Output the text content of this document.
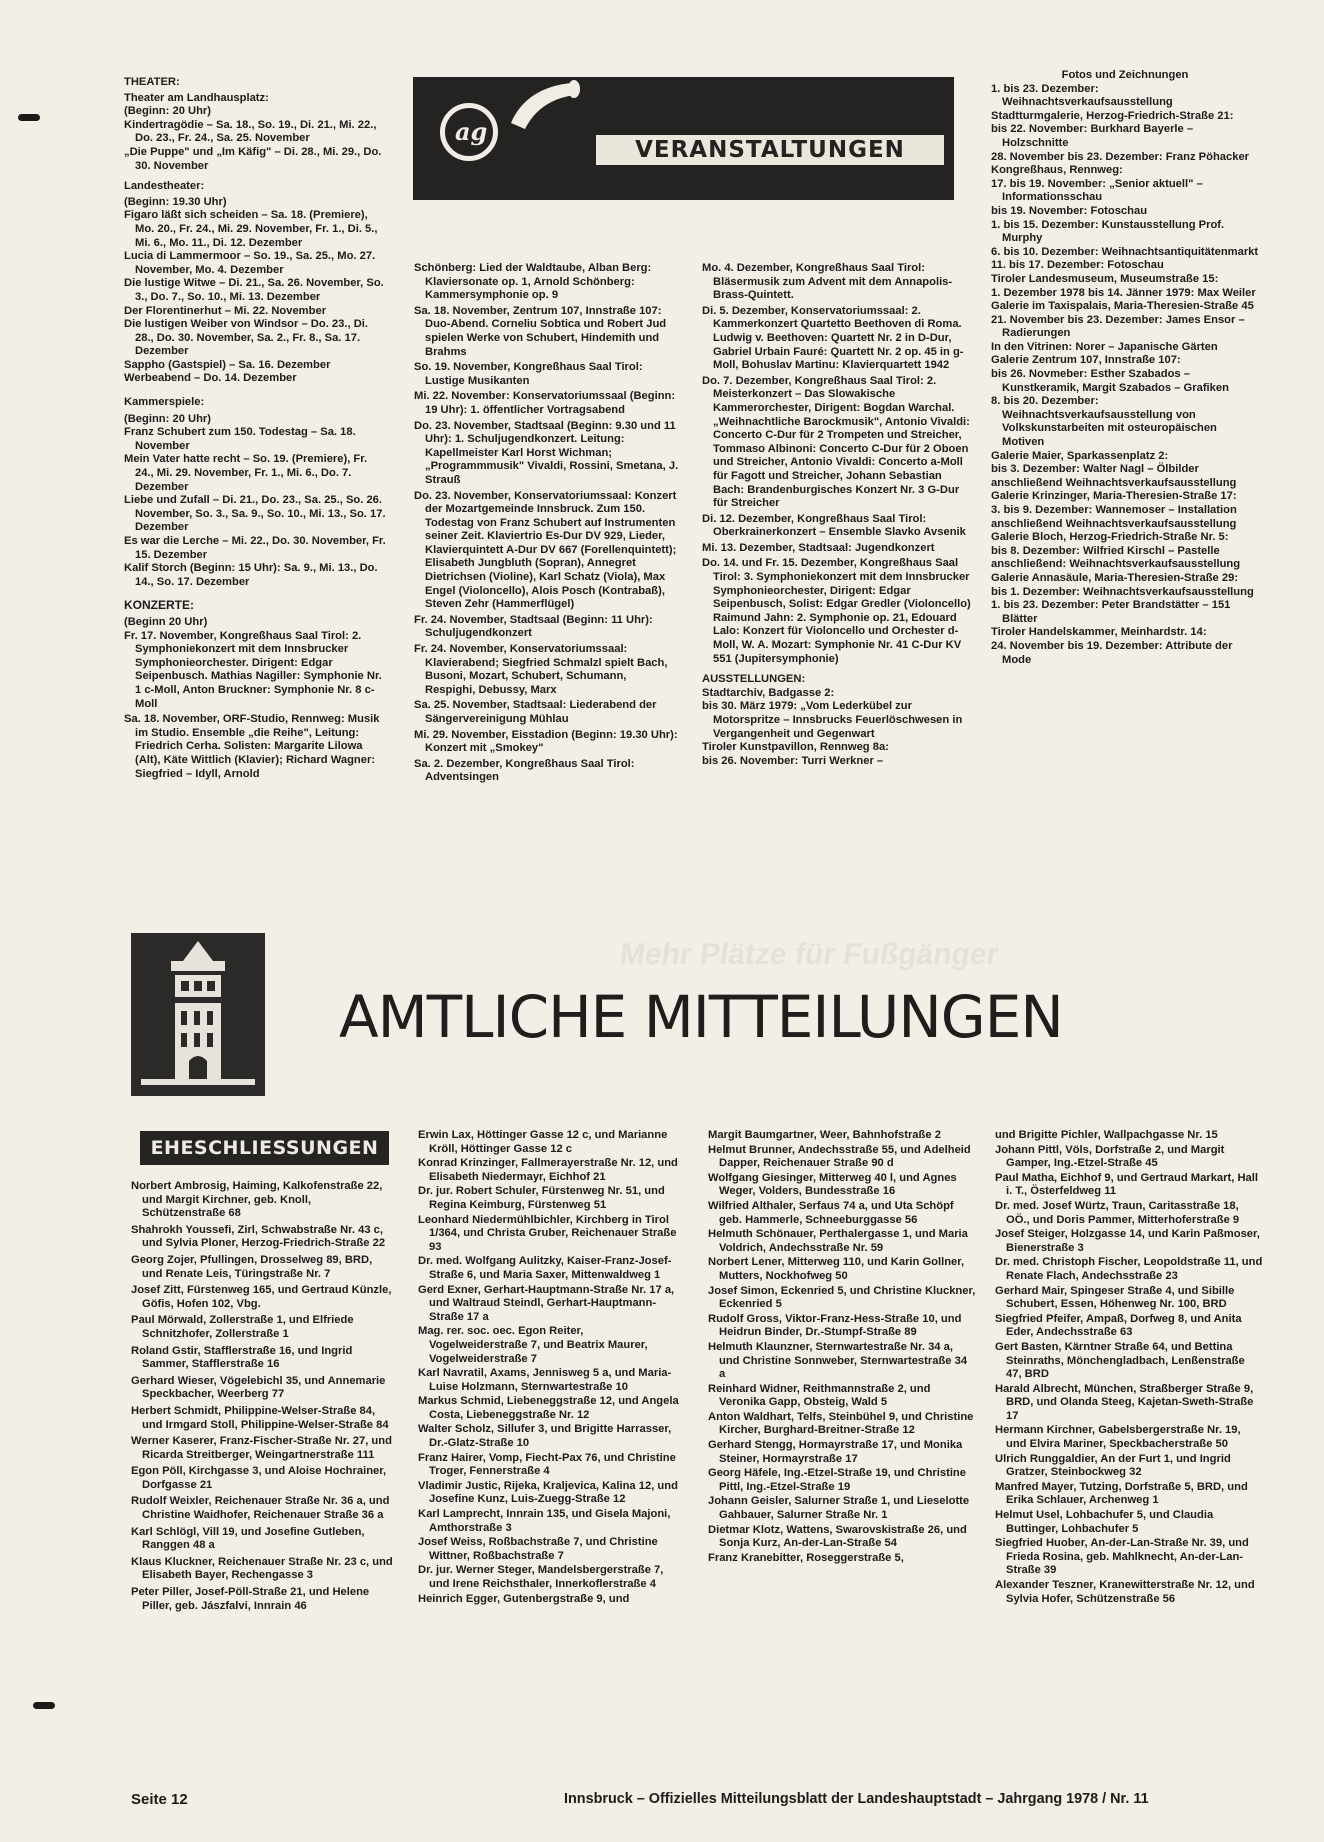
Mehr Plätze für Fußgänger

THEATER:

Theater am Landhausplatz:

(Beginn: 20 Uhr)

Kindertragödie – Sa. 18., So. 19., Di. 21., Mi. 22., Do. 23., Fr. 24., Sa. 25. November

„Die Puppe" und „Im Käfig" – Di. 28., Mi. 29., Do. 30. November

Landestheater:

(Beginn: 19.30 Uhr)

Figaro läßt sich scheiden – Sa. 18. (Premiere), Mo. 20., Fr. 24., Mi. 29. November, Fr. 1., Di. 5., Mi. 6., Mo. 11., Di. 12. Dezember

Lucia di Lammermoor – So. 19., Sa. 25., Mo. 27. November, Mo. 4. Dezember

Die lustige Witwe – Di. 21., Sa. 26. November, So. 3., Do. 7., So. 10., Mi. 13. Dezember

Der Florentinerhut – Mi. 22. November

Die lustigen Weiber von Windsor – Do. 23., Di. 28., Do. 30. November, Sa. 2., Fr. 8., Sa. 17. Dezember

Sappho (Gastspiel) – Sa. 16. Dezember

Werbeabend – Do. 14. Dezember

Kammerspiele:

(Beginn: 20 Uhr)

Franz Schubert zum 150. Todestag – Sa. 18. November

Mein Vater hatte recht – So. 19. (Premiere), Fr. 24., Mi. 29. November, Fr. 1., Mi. 6., Do. 7. Dezember

Liebe und Zufall – Di. 21., Do. 23., Sa. 25., So. 26. November, So. 3., Sa. 9., So. 10., Mi. 13., So. 17. Dezember

Es war die Lerche – Mi. 22., Do. 30. November, Fr. 15. Dezember

Kalif Storch (Beginn: 15 Uhr): Sa. 9., Mi. 13., Do. 14., So. 17. Dezember

KONZERTE:

(Beginn 20 Uhr)

Fr. 17. November, Kongreßhaus Saal Tirol: 2. Symphoniekonzert mit dem Innsbrucker Symphonieorchester. Dirigent: Edgar Seipenbusch. Mathias Nagiller: Symphonie Nr. 1 c-Moll, Anton Bruckner: Symphonie Nr. 8 c-Moll

Sa. 18. November, ORF-Studio, Rennweg: Musik im Studio. Ensemble „die Reihe", Leitung: Friedrich Cerha. Solisten: Margarite Lilowa (Alt), Käte Wittlich (Klavier); Richard Wagner: Siegfried – Idyll, Arnold

ag
VERANSTALTUNGEN

Schönberg: Lied der Waldtaube, Alban Berg: Klaviersonate op. 1, Arnold Schönberg: Kammersymphonie op. 9

Sa. 18. November, Zentrum 107, Innstraße 107: Duo-Abend. Corneliu Sobtica und Robert Jud spielen Werke von Schubert, Hindemith und Brahms

So. 19. November, Kongreßhaus Saal Tirol: Lustige Musikanten

Mi. 22. November: Konservatoriumssaal (Beginn: 19 Uhr): 1. öffentlicher Vortragsabend

Do. 23. November, Stadtsaal (Beginn: 9.30 und 11 Uhr): 1. Schuljugendkonzert. Leitung: Kapellmeister Karl Horst Wichman; „Programmmusik" Vivaldi, Rossini, Smetana, J. Strauß

Do. 23. November, Konservatoriumssaal: Konzert der Mozartgemeinde Innsbruck. Zum 150. Todestag von Franz Schubert auf Instrumenten seiner Zeit. Klaviertrio Es-Dur DV 929, Lieder, Klavierquintett A-Dur DV 667 (Forellenquintett); Elisabeth Jungbluth (Sopran), Annegret Dietrichsen (Violine), Karl Schatz (Viola), Max Engel (Violoncello), Alois Posch (Kontrabaß), Steven Zehr (Hammerflügel)

Fr. 24. November, Stadtsaal (Beginn: 11 Uhr): Schuljugendkonzert

Fr. 24. November, Konservatoriumssaal: Klavierabend; Siegfried Schmalzl spielt Bach, Busoni, Mozart, Schubert, Schumann, Respighi, Debussy, Marx

Sa. 25. November, Stadtsaal: Liederabend der Sängervereinigung Mühlau

Mi. 29. November, Eisstadion (Beginn: 19.30 Uhr): Konzert mit „Smokey"

Sa. 2. Dezember, Kongreßhaus Saal Tirol: Adventsingen

Mo. 4. Dezember, Kongreßhaus Saal Tirol: Bläsermusik zum Advent mit dem Annapolis-Brass-Quintett.

Di. 5. Dezember, Konservatoriumssaal: 2. Kammerkonzert Quartetto Beethoven di Roma. Ludwig v. Beethoven: Quartett Nr. 2 in D-Dur, Gabriel Urbain Fauré: Quartett Nr. 2 op. 45 in g-Moll, Bohuslav Martinu: Klavierquartett 1942

Do. 7. Dezember, Kongreßhaus Saal Tirol: 2. Meisterkonzert – Das Slowakische Kammerorchester, Dirigent: Bogdan Warchal. „Weihnachtliche Barockmusik", Antonio Vivaldi: Concerto C-Dur für 2 Trompeten und Streicher, Tommaso Albinoni: Concerto C-Dur für 2 Oboen und Streicher, Antonio Vivaldi: Concerto a-Moll für Fagott und Streicher, Johann Sebastian Bach: Brandenburgisches Konzert Nr. 3 G-Dur für Streicher

Di. 12. Dezember, Kongreßhaus Saal Tirol: Oberkrainerkonzert – Ensemble Slavko Avsenik

Mi. 13. Dezember, Stadtsaal: Jugendkonzert

Do. 14. und Fr. 15. Dezember, Kongreßhaus Saal Tirol: 3. Symphoniekonzert mit dem Innsbrucker Symphonieorchester, Dirigent: Edgar Seipenbusch, Solist: Edgar Gredler (Violoncello) Raimund Jahn: 2. Symphonie op. 21, Edouard Lalo: Konzert für Violoncello und Orchester d-Moll, W. A. Mozart: Symphonie Nr. 41 C-Dur KV 551 (Jupitersymphonie)

AUSSTELLUNGEN:

Stadtarchiv, Badgasse 2:

bis 30. März 1979: „Vom Lederkübel zur Motorspritze – Innsbrucks Feuerlöschwesen in Vergangenheit und Gegenwart

Tiroler Kunstpavillon, Rennweg 8a:

bis 26. November: Turri Werkner –

Fotos und Zeichnungen

1. bis 23. Dezember: Weihnachtsverkaufsausstellung

Stadtturmgalerie, Herzog-Friedrich-Straße 21:

bis 22. November: Burkhard Bayerle – Holzschnitte

28. November bis 23. Dezember: Franz Pöhacker

Kongreßhaus, Rennweg:

17. bis 19. November: „Senior aktuell" – Informationsschau

bis 19. November: Fotoschau

1. bis 15. Dezember: Kunstausstellung Prof. Murphy

6. bis 10. Dezember: Weihnachtsantiquitätenmarkt

11. bis 17. Dezember: Fotoschau

Tiroler Landesmuseum, Museumstraße 15:

1. Dezember 1978 bis 14. Jänner 1979: Max Weiler

Galerie im Taxispalais, Maria-Theresien-Straße 45

21. November bis 23. Dezember: James Ensor – Radierungen

In den Vitrinen: Norer – Japanische Gärten

Galerie Zentrum 107, Innstraße 107:

bis 26. Novmeber: Esther Szabados – Kunstkeramik, Margit Szabados – Grafiken

8. bis 20. Dezember: Weihnachtsverkaufsausstellung von Volkskunstarbeiten mit osteuropäischen Motiven

Galerie Maier, Sparkassenplatz 2:

bis 3. Dezember: Walter Nagl – Ölbilder

anschließend Weihnachtsverkaufsausstellung

Galerie Krinzinger, Maria-Theresien-Straße 17:

3. bis 9. Dezember: Wannemoser – Installation

anschließend Weihnachtsverkaufsausstellung

Galerie Bloch, Herzog-Friedrich-Straße Nr. 5:

bis 8. Dezember: Wilfried Kirschl – Pastelle

anschließend: Weihnachtsverkaufsausstellung

Galerie Annasäule, Maria-Theresien-Straße 29:

bis 1. Dezember: Weihnachtsverkaufsausstellung

1. bis 23. Dezember: Peter Brandstätter – 151 Blätter

Tiroler Handelskammer, Meinhardstr. 14:

24. November bis 19. Dezember: Attribute der Mode

AMTLICHE MITTEILUNGEN
EHESCHLIESSUNGEN

Norbert Ambrosig, Haiming, Kalkofenstraße 22, und Margit Kirchner, geb. Knoll, Schützenstraße 68

Shahrokh Youssefi, Zirl, Schwabstraße Nr. 43 c, und Sylvia Ploner, Herzog-Friedrich-Straße 22

Georg Zojer, Pfullingen, Drosselweg 89, BRD, und Renate Leis, Türingstraße Nr. 7

Josef Zitt, Fürstenweg 165, und Gertraud Künzle, Göfis, Hofen 102, Vbg.

Paul Mörwald, Zollerstraße 1, und Elfriede Schnitzhofer, Zollerstraße 1

Roland Gstir, Stafflerstraße 16, und Ingrid Sammer, Stafflerstraße 16

Gerhard Wieser, Vögelebichl 35, und Annemarie Speckbacher, Weerberg 77

Herbert Schmidt, Philippine-Welser-Straße 84, und Irmgard Stoll, Philippine-Welser-Straße 84

Werner Kaserer, Franz-Fischer-Straße Nr. 27, und Ricarda Streitberger, Weingartnerstraße 111

Egon Pöll, Kirchgasse 3, und Aloise Hochrainer, Dorfgasse 21

Rudolf Weixler, Reichenauer Straße Nr. 36 a, und Christine Waidhofer, Reichenauer Straße 36 a

Karl Schlögl, Vill 19, und Josefine Gutleben, Ranggen 48 a

Klaus Kluckner, Reichenauer Straße Nr. 23 c, und Elisabeth Bayer, Rechengasse 3

Peter Piller, Josef-Pöll-Straße 21, und Helene Piller, geb. Jászfalvi, Innrain 46

Erwin Lax, Höttinger Gasse 12 c, und Marianne Kröll, Höttinger Gasse 12 c

Konrad Krinzinger, Fallmerayerstraße Nr. 12, und Elisabeth Niedermayr, Eichhof 21

Dr. jur. Robert Schuler, Fürstenweg Nr. 51, und Regina Keimburg, Fürstenweg 51

Leonhard Niedermühlbichler, Kirchberg in Tirol 1/364, und Christa Gruber, Reichenauer Straße 93

Dr. med. Wolfgang Aulitzky, Kaiser-Franz-Josef-Straße 6, und Maria Saxer, Mittenwaldweg 1

Gerd Exner, Gerhart-Hauptmann-Straße Nr. 17 a, und Waltraud Steindl, Gerhart-Hauptmann-Straße 17 a

Mag. rer. soc. oec. Egon Reiter, Vogelweiderstraße 7, und Beatrix Maurer, Vogelweiderstraße 7

Karl Navratil, Axams, Jennisweg 5 a, und Maria-Luise Holzmann, Sternwartestraße 10

Markus Schmid, Liebeneggstraße 12, und Angela Costa, Liebeneggstraße Nr. 12

Walter Scholz, Sillufer 3, und Brigitte Harrasser, Dr.-Glatz-Straße 10

Franz Hairer, Vomp, Fiecht-Pax 76, und Christine Troger, Fennerstraße 4

Vladimir Justic, Rijeka, Kraljevica, Kalina 12, und Josefine Kunz, Luis-Zuegg-Straße 12

Karl Lamprecht, Innrain 135, und Gisela Majoni, Amthorstraße 3

Josef Weiss, Roßbachstraße 7, und Christine Wittner, Roßbachstraße 7

Dr. jur. Werner Steger, Mandelsbergerstraße 7, und Irene Reichsthaler, Innerkoflerstraße 4

Heinrich Egger, Gutenbergstraße 9, und

Margit Baumgartner, Weer, Bahnhofstraße 2

Helmut Brunner, Andechsstraße 55, und Adelheid Dapper, Reichenauer Straße 90 d

Wolfgang Giesinger, Mitterweg 40 l, und Agnes Weger, Volders, Bundesstraße 16

Wilfried Althaler, Serfaus 74 a, und Uta Schöpf geb. Hammerle, Schneeburggasse 56

Helmuth Schönauer, Perthalergasse 1, und Maria Voldrich, Andechsstraße Nr. 59

Norbert Lener, Mitterweg 110, und Karin Gollner, Mutters, Nockhofweg 50

Josef Simon, Eckenried 5, und Christine Kluckner, Eckenried 5

Rudolf Gross, Viktor-Franz-Hess-Straße 10, und Heidrun Binder, Dr.-Stumpf-Straße 89

Helmuth Klaunzner, Sternwartestraße Nr. 34 a, und Christine Sonnweber, Sternwartestraße 34 a

Reinhard Widner, Reithmannstraße 2, und Veronika Gapp, Obsteig, Wald 5

Anton Waldhart, Telfs, Steinbühel 9, und Christine Kircher, Burghard-Breitner-Straße 12

Gerhard Stengg, Hormayrstraße 17, und Monika Steiner, Hormayrstraße 17

Georg Häfele, Ing.-Etzel-Straße 19, und Christine Pittl, Ing.-Etzel-Straße 19

Johann Geisler, Salurner Straße 1, und Lieselotte Gahbauer, Salurner Straße Nr. 1

Dietmar Klotz, Wattens, Swarovskistraße 26, und Sonja Kurz, An-der-Lan-Straße 54

Franz Kranebitter, Roseggerstraße 5,

und Brigitte Pichler, Wallpachgasse Nr. 15

Johann Pittl, Völs, Dorfstraße 2, und Margit Gamper, Ing.-Etzel-Straße 45

Paul Matha, Eichhof 9, und Gertraud Markart, Hall i. T., Österfeldweg 11

Dr. med. Josef Würtz, Traun, Caritasstraße 18, OÖ., und Doris Pammer, Mitterhoferstraße 9

Josef Steiger, Holzgasse 14, und Karin Paßmoser, Bienerstraße 3

Dr. med. Christoph Fischer, Leopoldstraße 11, und Renate Flach, Andechsstraße 23

Gerhard Mair, Spingeser Straße 4, und Sibille Schubert, Essen, Höhenweg Nr. 100, BRD

Siegfried Pfeifer, Ampaß, Dorfweg 8, und Anita Eder, Andechsstraße 63

Gert Basten, Kärntner Straße 64, und Bettina Steinraths, Mönchengladbach, Lenßenstraße 47, BRD

Harald Albrecht, München, Straßberger Straße 9, BRD, und Olanda Steeg, Kajetan-Sweth-Straße 17

Hermann Kirchner, Gabelsbergerstraße Nr. 19, und Elvira Mariner, Speckbacherstraße 50

Ulrich Runggaldier, An der Furt 1, und Ingrid Gratzer, Steinbockweg 32

Manfred Mayer, Tutzing, Dorfstraße 5, BRD, und Erika Schlauer, Archenweg 1

Helmut Usel, Lohbachufer 5, und Claudia Buttinger, Lohbachufer 5

Siegfried Huober, An-der-Lan-Straße Nr. 39, und Frieda Rosina, geb. Mahlknecht, An-der-Lan-Straße 39

Alexander Teszner, Kranewitterstraße Nr. 12, und Sylvia Hofer, Schützenstraße 56

Seite 12	Innsbruck – Offizielles Mitteilungsblatt der Landeshauptstadt – Jahrgang 1978 / Nr. 11
